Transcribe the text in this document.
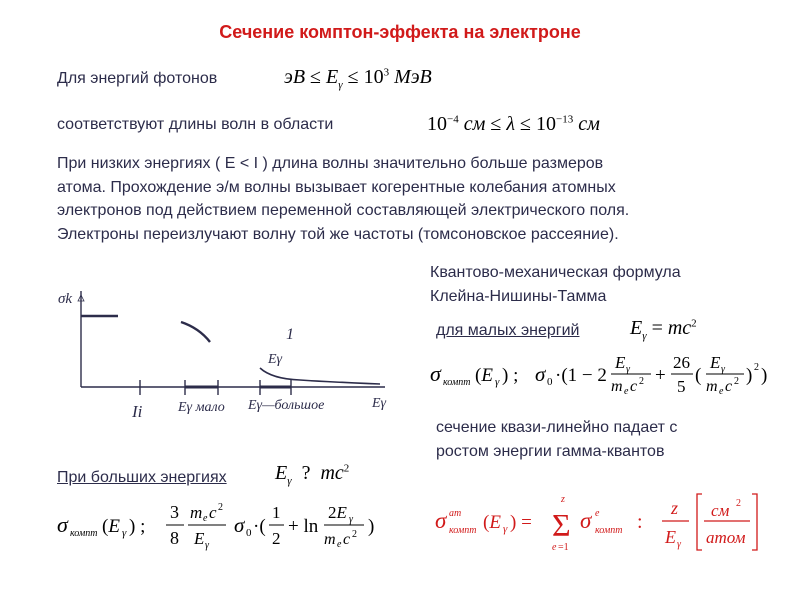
Сечение комптон-эффекта на электроне
Для энергий фотонов	эВ ≤ $E_\gamma \le 10^3$ МэВ
соответствуют длины волн в области	$10^{-4}$ см ≤ $\lambda \le 10^{-13}$ см
При низких энергиях ( E < I ) длина волны значительно больше размеров
атома. Прохождение э/м волны вызывает когерентные колебания атомных
электронов под действием переменной составляющей электрического поля.
Электроны переизлучают волну той же частоты (томсоновское рассеяние).
Квантово-механическая формула
Клейна-Нишины-Тамма
для малых энергий	$E_\gamma = mc^2$
σ компт (E γ ) ; σ 0 ·(1 − 2
E γ
m e c 2 +
26
5
(
E γ
m e c 2 ) 2 )
сечение квази-линейно падает с
ростом энергии гамма-квантов
При больших энергиях $E_\gamma$  ?  $mc^2$
σ компт (E γ ) ;
3
8
m e c 2
E γ
σ 0 ·(
1
2
+ ln
2E γ
m e c 2 )	σ am
компт (E γ ) = Σ
z
e =1
σ e
компт :
z
E γ
см 2
атом
σk
1
Eγ
Ii	Eγ мало Eγ—большое	Eγ
